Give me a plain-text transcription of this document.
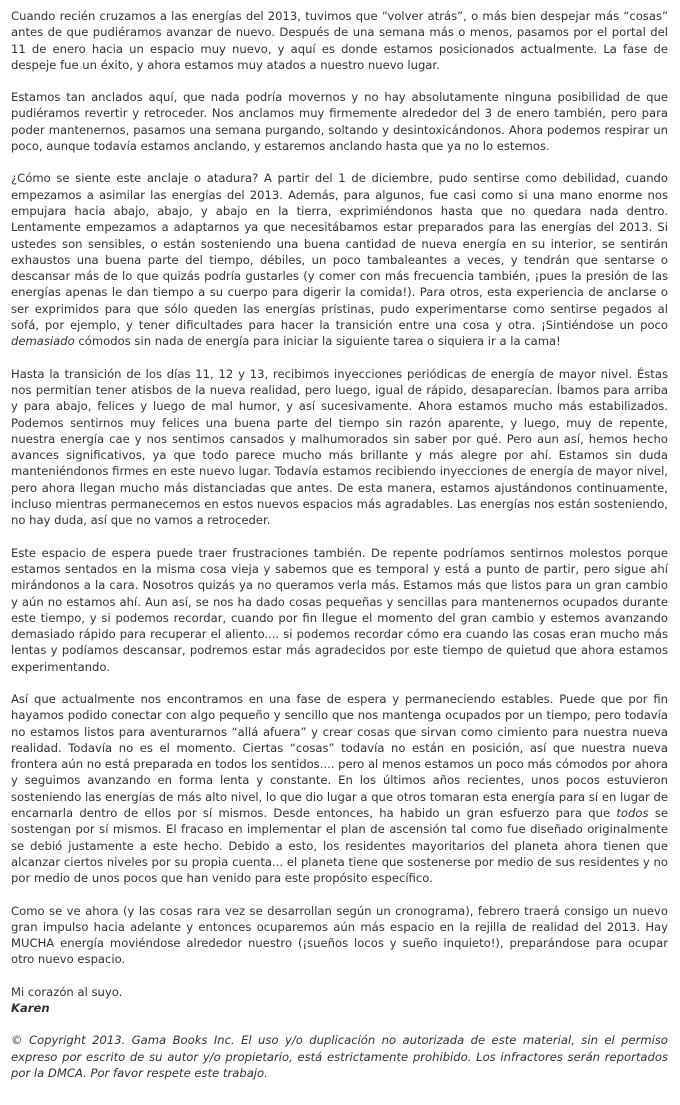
Cuando recién cruzamos a las energías del 2013, tuvimos que “volver atrás”, o más bien despejar más “cosas” antes de que pudiéramos avanzar de nuevo. Después de una semana más o menos, pasamos por el portal del 11 de enero hacia un espacio muy nuevo, y aquí es donde estamos posicionados actualmente. La fase de despeje fue un éxito, y ahora estamos muy atados a nuestro nuevo lugar.

Estamos tan anclados aquí, que nada podría movernos y no hay absolutamente ninguna posibilidad de que pudiéramos revertir y retroceder. Nos anclamos muy firmemente alrededor del 3 de enero también, pero para poder mantenernos, pasamos una semana purgando, soltando y desintoxicándonos. Ahora podemos respirar un poco, aunque todavía estamos anclando, y estaremos anclando hasta que ya no lo estemos.

¿Cómo se siente este anclaje o atadura? A partir del 1 de diciembre, pudo sentirse como debilidad, cuando empezamos a asimilar las energías del 2013. Además, para algunos, fue casi como si una mano enorme nos empujara hacia abajo, abajo, y abajo en la tierra, exprimiéndonos hasta que no quedara nada dentro. Lentamente empezamos a adaptarnos ya que necesitábamos estar preparados para las energías del 2013. Si ustedes son sensibles, o están sosteniendo una buena cantidad de nueva energía en su interior, se sentirán exhaustos una buena parte del tiempo, débiles, un poco tambaleantes a veces, y tendrán que sentarse o descansar más de lo que quizás podría gustarles (y comer con más frecuencia también, ¡pues la presión de las energías apenas le dan tiempo a su cuerpo para digerir la comida!). Para otros, esta experiencia de anclarse o ser exprimidos para que sólo queden las energías prístinas, pudo experimentarse como sentirse pegados al sofá, por ejemplo, y tener dificultades para hacer la transición entre una cosa y otra. ¡Sintiéndose un poco demasiado cómodos sin nada de energía para iniciar la siguiente tarea o siquiera ir a la cama!

Hasta la transición de los días 11, 12 y 13, recibimos inyecciones periódicas de energía de mayor nivel. Éstas nos permitían tener atisbos de la nueva realidad, pero luego, igual de rápido, desaparecían. Íbamos para arriba y para abajo, felices y luego de mal humor, y así sucesivamente. Ahora estamos mucho más estabilizados. Podemos sentirnos muy felices una buena parte del tiempo sin razón aparente, y luego, muy de repente, nuestra energía cae y nos sentimos cansados y malhumorados sin saber por qué. Pero aun así, hemos hecho avances significativos, ya que todo parece mucho más brillante y más alegre por ahí. Estamos sin duda manteniéndonos firmes en este nuevo lugar. Todavía estamos recibiendo inyecciones de energía de mayor nivel, pero ahora llegan mucho más distanciadas que antes. De esta manera, estamos ajustándonos continuamente, incluso mientras permanecemos en estos nuevos espacios más agradables. Las energías nos están sosteniendo, no hay duda, así que no vamos a retroceder.

Este espacio de espera puede traer frustraciones también. De repente podríamos sentirnos molestos porque estamos sentados en la misma cosa vieja y sabemos que es temporal y está a punto de partir, pero sigue ahí mirándonos a la cara. Nosotros quizás ya no queramos verla más. Estamos más que listos para un gran cambio y aún no estamos ahí. Aun así, se nos ha dado cosas pequeñas y sencillas para mantenernos ocupados durante este tiempo, y si podemos recordar, cuando por fin llegue el momento del gran cambio y estemos avanzando demasiado rápido para recuperar el aliento.... si podemos recordar cómo era cuando las cosas eran mucho más lentas y podíamos descansar, podremos estar más agradecidos por este tiempo de quietud que ahora estamos experimentando.

Así que actualmente nos encontramos en una fase de espera y permaneciendo estables. Puede que por fin hayamos podido conectar con algo pequeño y sencillo que nos mantenga ocupados por un tiempo, pero todavía no estamos listos para aventurarnos “allá afuera” y crear cosas que sirvan como cimiento para nuestra nueva realidad. Todavía no es el momento. Ciertas “cosas” todavía no están en posición, así que nuestra nueva frontera aún no está preparada en todos los sentidos.... pero al menos estamos un poco más cómodos por ahora y seguimos avanzando en forma lenta y constante. En los últimos años recientes, unos pocos estuvieron sosteniendo las energías de más alto nivel, lo que dio lugar a que otros tomaran esta energía para sí en lugar de encarnarla dentro de ellos por sí mismos. Desde entonces, ha habido un gran esfuerzo para que todos se sostengan por sí mismos. El fracaso en implementar el plan de ascensión tal como fue diseñado originalmente se debió justamente a este hecho. Debido a esto, los residentes mayoritarios del planeta ahora tienen que alcanzar ciertos niveles por su propia cuenta... el planeta tiene que sostenerse por medio de sus residentes y no por medio de unos pocos que han venido para este propósito específico.

Como se ve ahora (y las cosas rara vez se desarrollan según un cronograma), febrero traerá consigo un nuevo gran impulso hacia adelante y entonces ocuparemos aún más espacio en la rejilla de realidad del 2013. Hay MUCHA energía moviéndose alrededor nuestro (¡sueños locos y sueño inquieto!), preparándose para ocupar otro nuevo espacio.

Mi corazón al suyo.
Karen

© Copyright 2013. Gama Books Inc. El uso y/o duplicación no autorizada de este material, sin el permiso expreso por escrito de su autor y/o propietario, está estrictamente prohibido. Los infractores serán reportados por la DMCA. Por favor respete este trabajo.
